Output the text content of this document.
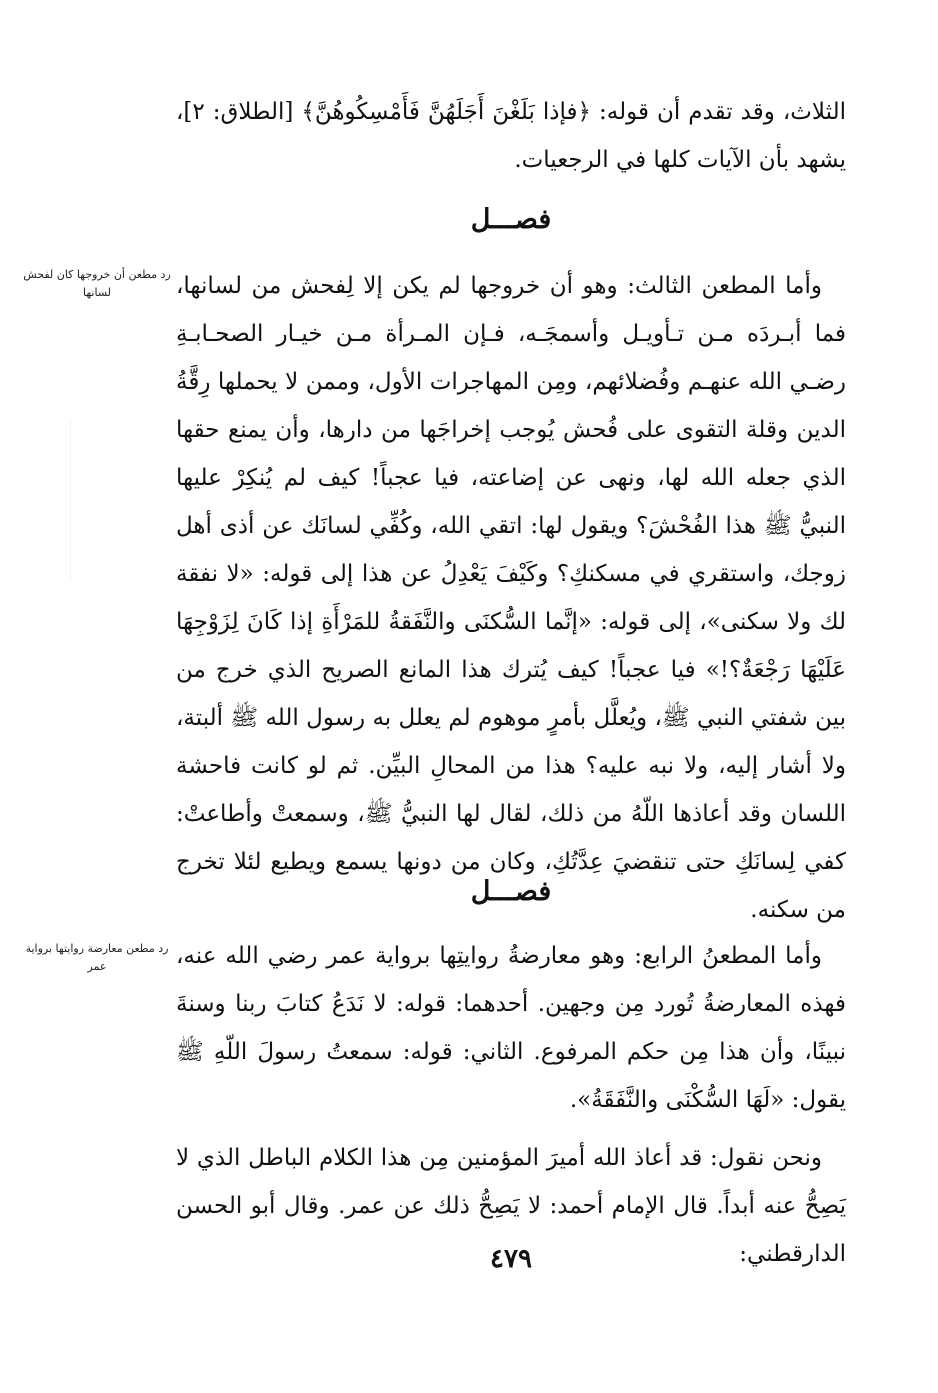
الثلاث، وقد تقدم أن قوله: ﴿فإذا بَلَغْنَ أَجَلَهُنَّ فَأَمْسِكُوهُنَّ﴾ [الطلاق: ٢]، يشهد بأن الآيات كلها في الرجعيات.

فصـــل
رد مطعن أن خروجها كان لفحش لسانها	وأما المطعن الثالث: وهو أن خروجها لم يكن إلا لِفحش من لسانها، فما أبـردَه مـن تـأويـل وأسمجَـه، فـإن المـرأة مـن خيـار الصحـابـةِ رضـي الله عنهـم وفُضلائهم، ومِن المهاجرات الأول، وممن لا يحملها رِقَّةُ الدين وقلة التقوى على فُحش يُوجب إخراجَها من دارها، وأن يمنع حقها الذي جعله الله لها، ونهى عن إضاعته، فيا عجباً! كيف لم يُنكِرْ عليها النبيُّ ﷺ هذا الفُحْشَ؟ ويقول لها: اتقي الله، وكُفِّي لسانَك عن أذى أهل زوجك، واستقري في مسكنكِ؟ وكَيْفَ يَعْدِلُ عن هذا إلى قوله: «لا نفقة لك ولا سكنى»، إلى قوله: «إنَّما السُّكنَى والنَّفَقةُ للمَرْأَةِ إذا كَانَ لِزَوْجِهَا عَلَيْهَا رَجْعَةٌ؟!» فيا عجباً! كيف يُترك هذا المانع الصريح الذي خرج من بين شفتي النبي ﷺ، ويُعلَّل بأمرٍ موهوم لم يعلل به رسول الله ﷺ ألبتة، ولا أشار إليه، ولا نبه عليه؟ هذا من المحالِ البيِّن. ثم لو كانت فاحشة اللسان وقد أعاذها اللّهُ من ذلك، لقال لها النبيُّ ﷺ، وسمعتْ وأطاعتْ: كفي لِسانَكِ حتى تنقضيَ عِدَّتُكِ، وكان من دونها يسمع ويطيع لئلا تخرج من سكنه.

فصـــل
رد مطعن معارضة روايتها برواية عمر	وأما المطعنُ الرابع: وهو معارضةُ روايتِها برواية عمر رضي الله عنه، فهذه المعارضةُ تُورد مِن وجهين. أحدهما: قوله: لا نَدَعُ كتابَ ربنا وسنةَ نبينًا، وأن هذا مِن حكم المرفوع. الثاني: قوله: سمعتُ رسولَ اللّهِ ﷺ يقول: «لَهَا السُّكْنَى والنَّفَقَةُ».

ونحن نقول: قد أعاذ الله أميرَ المؤمنين مِن هذا الكلام الباطل الذي لا يَصِحُّ عنه أبداً. قال الإمام أحمد: لا يَصِحُّ ذلك عن عمر. وقال أبو الحسن الدارقطني:

٤٧٩
